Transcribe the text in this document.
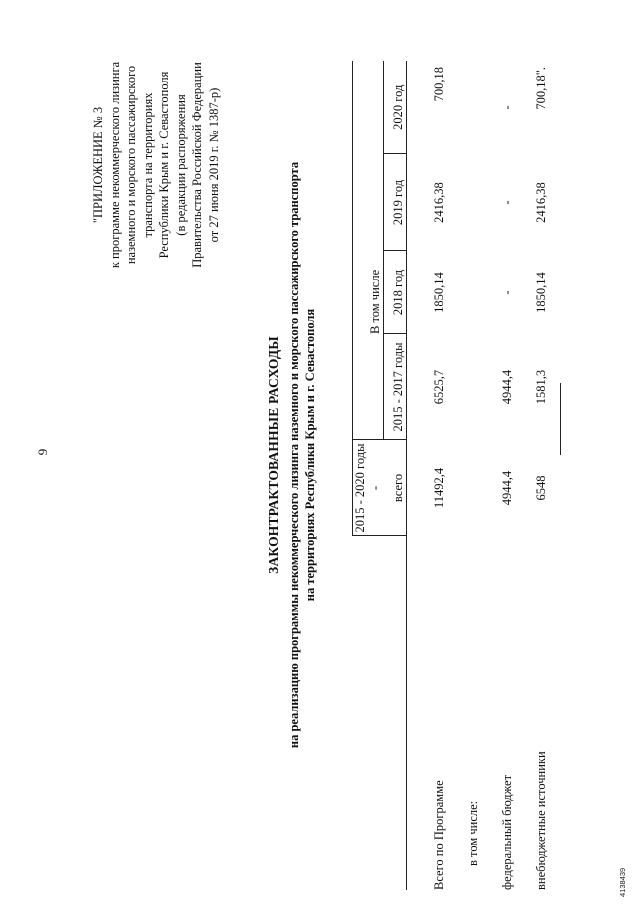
9
"ПРИЛОЖЕНИЕ № 3 к программе некоммерческого лизинга наземного и морского пассажирского транспорта на территориях Республики Крым и г. Севастополя (в редакции распоряжения Правительства Российской Федерации от 27 июня 2019 г. № 1387-р)
ЗАКОНТРАКТОВАННЫЕ РАСХОДЫ на реализацию программы некоммерческого лизинга наземного и морского пассажирского транспорта на территориях Республики Крым и г. Севастополя
		2015 - 2020 годы -		В том числе		
	всего	2015 - 2017 годы	2018 год	2019 год	2020 год
Всего по Программе	11492,4	6525,7	1850,14	2416,38	700,18
в том числе:					
федеральный бюджет	4944,4	4944,4	-	-	-
внебюджетные источники	6548	1581,3	1850,14	2416,38	700,18".
4138439
